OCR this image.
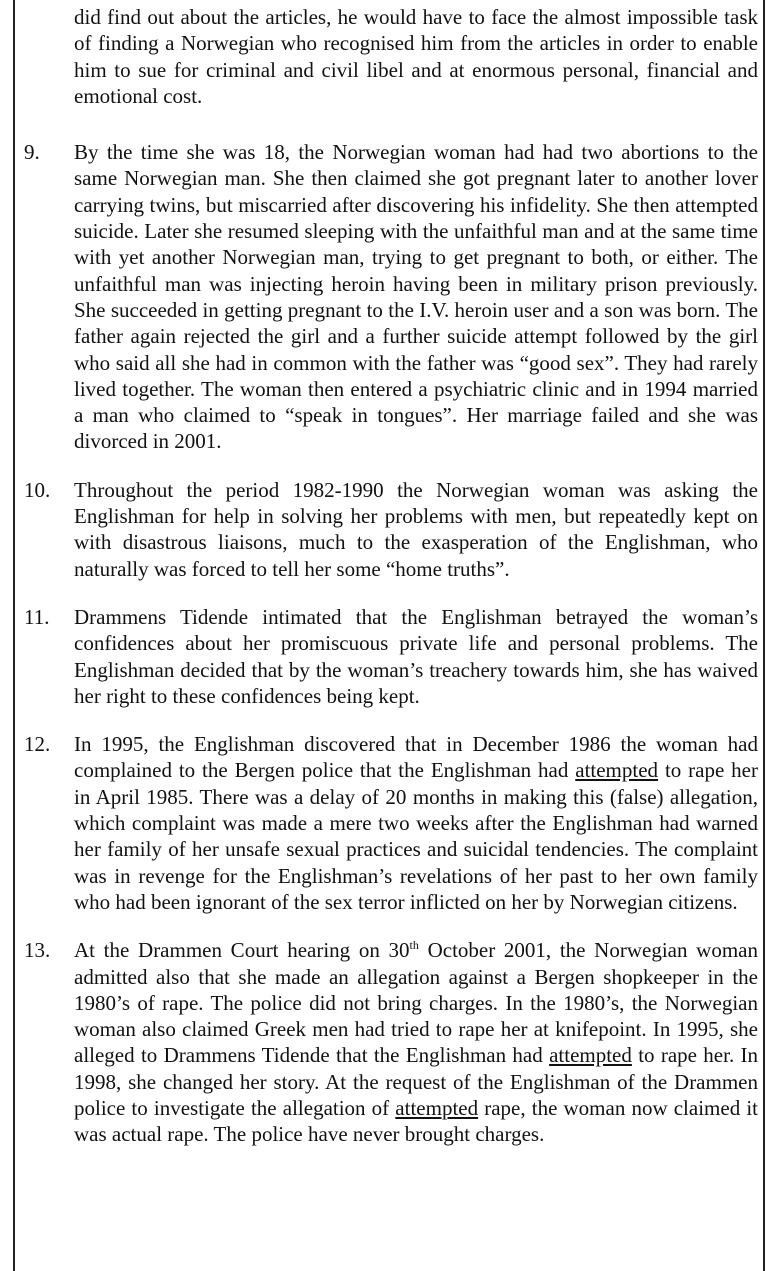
did find out about the articles, he would have to face the almost impossible task of finding a Norwegian who recognised him from the articles in order to enable him to sue for criminal and civil libel and at enormous personal, financial and emotional cost.

9. By the time she was 18, the Norwegian woman had had two abortions to the same Norwegian man. She then claimed she got pregnant later to another lover carrying twins, but miscarried after discovering his infidelity. She then attempted suicide. Later she resumed sleeping with the unfaithful man and at the same time with yet another Norwegian man, trying to get pregnant to both, or either. The unfaithful man was injecting heroin having been in military prison previously. She succeeded in getting pregnant to the I.V. heroin user and a son was born. The father again rejected the girl and a further suicide attempt followed by the girl who said all she had in common with the father was “good sex”. They had rarely lived together. The woman then entered a psychiatric clinic and in 1994 married a man who claimed to “speak in tongues”. Her marriage failed and she was divorced in 2001.

10. Throughout the period 1982-1990 the Norwegian woman was asking the Englishman for help in solving her problems with men, but repeatedly kept on with disastrous liaisons, much to the exasperation of the Englishman, who naturally was forced to tell her some “home truths”.

11. Drammens Tidende intimated that the Englishman betrayed the woman’s confidences about her promiscuous private life and personal problems. The Englishman decided that by the woman’s treachery towards him, she has waived her right to these confidences being kept.

12. In 1995, the Englishman discovered that in December 1986 the woman had complained to the Bergen police that the Englishman had attempted to rape her in April 1985. There was a delay of 20 months in making this (false) allegation, which complaint was made a mere two weeks after the Englishman had warned her family of her unsafe sexual practices and suicidal tendencies. The complaint was in revenge for the Englishman’s revelations of her past to her own family who had been ignorant of the sex terror inflicted on her by Norwegian citizens.

13. At the Drammen Court hearing on 30th October 2001, the Norwegian woman admitted also that she made an allegation against a Bergen shopkeeper in the 1980’s of rape. The police did not bring charges. In the 1980’s, the Norwegian woman also claimed Greek men had tried to rape her at knifepoint. In 1995, she alleged to Drammens Tidende that the Englishman had attempted to rape her. In 1998, she changed her story. At the request of the Englishman of the Drammen police to investigate the allegation of attempted rape, the woman now claimed it was actual rape. The police have never brought charges.
